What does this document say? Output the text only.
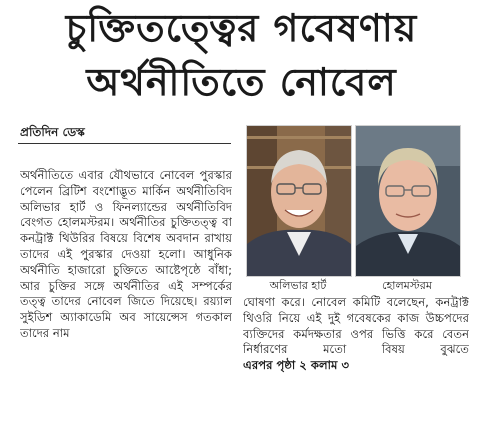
চুক্তিতত্ত্বের গবেষণায়
অর্থনীতিতে নোবেল
প্রতিদিন ডেস্ক
অর্থনীতিতে এবার যৌথভাবে নোবেল পুরস্কার পেলেন ব্রিটিশ বংশোদ্ভূত মার্কিন অর্থনীতিবিদ অলিভার হার্ট ও ফিনল্যান্ডের অর্থনীতিবিদ বেংগত হোলমস্টরম। অর্থনীতির চুক্তিতত্ত্ব বা কনট্রাক্ট থিউরির বিষয়ে বিশেষ অবদান রাখায় তাদের এই পুরস্কার দেওয়া হলো। আধুনিক অর্থনীতি হাজারো চুক্তিতে আষ্টেপৃষ্ঠে বাঁধা; আর চুক্তির সঙ্গে অর্থনীতির এই সম্পর্কের তত্ত্ব তাদের নোবেল জিতে দিয়েছে। রয়্যাল সুইডিশ অ্যাকাডেমি অব সায়েন্সেস গতকাল তাদের নাম
অলিভার হার্ট	হোলমস্টরম
ঘোষণা করে। নোবেল কমিটি বলেছেন, কনট্রাক্ট থিওরি নিয়ে এই দুই গবেষকের কাজ উচ্চপদের ব্যক্তিদের কর্মদক্ষতার ওপর ভিত্তি করে বেতন নির্ধারণের মতো বিষয় বুঝতে এরপর পৃষ্ঠা ২ কলাম ৩
